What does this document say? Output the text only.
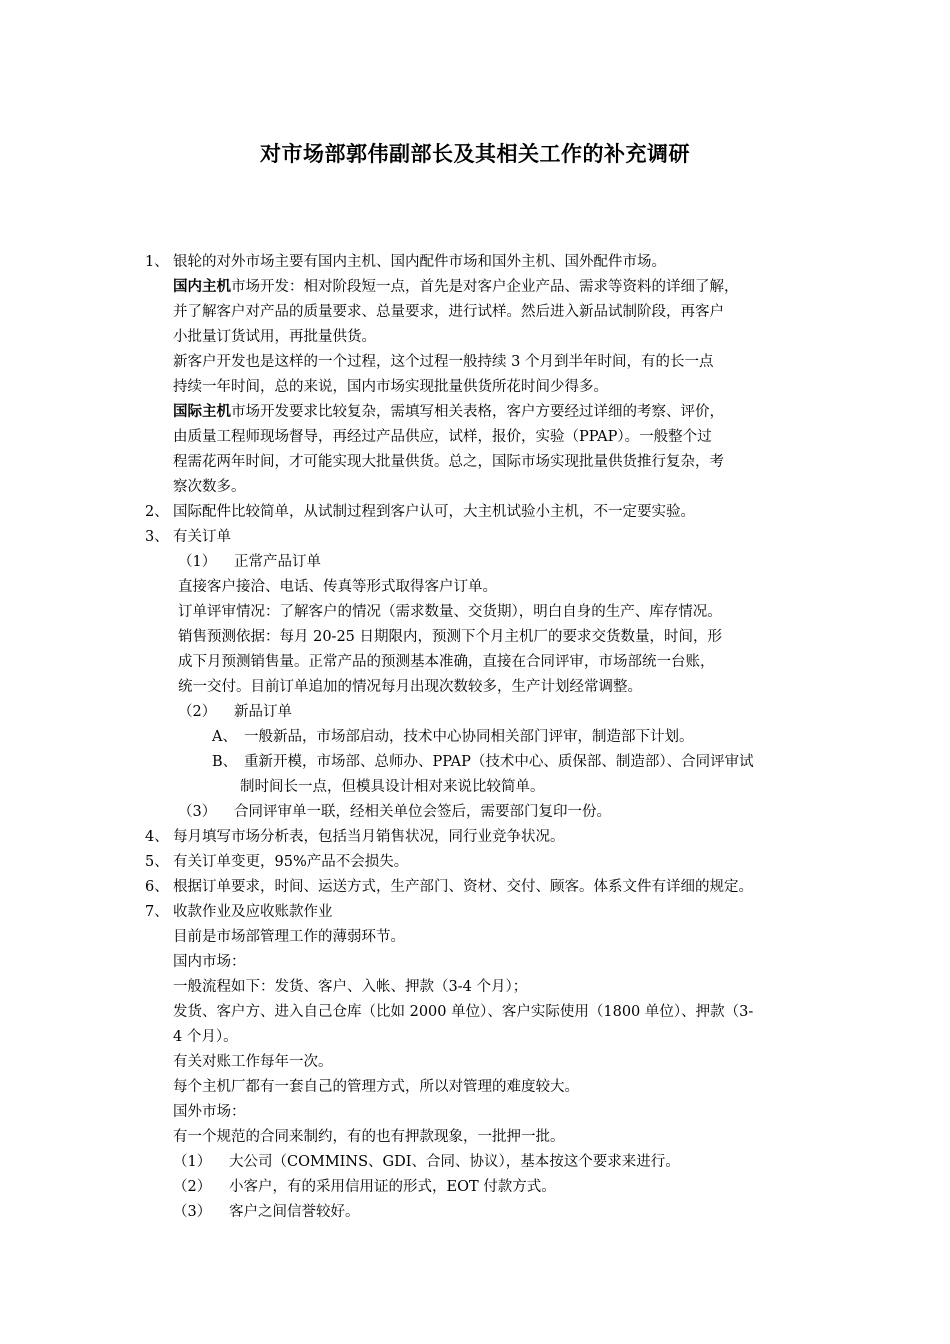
对市场部郭伟副部长及其相关工作的补充调研
1、 银轮的对外市场主要有国内主机、国内配件市场和国外主机、国外配件市场。
国内主机市场开发：相对阶段短一点，首先是对客户企业产品、需求等资料的详细了解，
并了解客户对产品的质量要求、总量要求，进行试样。然后进入新品试制阶段，再客户
小批量订货试用，再批量供货。
新客户开发也是这样的一个过程，这个过程一般持续 3 个月到半年时间，有的长一点
持续一年时间，总的来说，国内市场实现批量供货所花时间少得多。
国际主机市场开发要求比较复杂，需填写相关表格，客户方要经过详细的考察、评价，
由质量工程师现场督导，再经过产品供应，试样，报价，实验（PPAP）。一般整个过
程需花两年时间，才可能实现大批量供货。总之，国际市场实现批量供货推行复杂，考
察次数多。
2、 国际配件比较简单，从试制过程到客户认可，大主机试验小主机，不一定要实验。
3、 有关订单
（1） 正常产品订单
直接客户接洽、电话、传真等形式取得客户订单。
订单评审情况：了解客户的情况（需求数量、交货期），明白自身的生产、库存情况。
销售预测依据：每月 20-25 日期限内，预测下个月主机厂的要求交货数量，时间，形
成下月预测销售量。正常产品的预测基本准确，直接在合同评审，市场部统一台账，
统一交付。目前订单追加的情况每月出现次数较多，生产计划经常调整。
（2） 新品订单
A、 一般新品，市场部启动，技术中心协同相关部门评审，制造部下计划。
B、 重新开模，市场部、总师办、PPAP（技术中心、质保部、制造部）、合同评审试
制时间长一点，但模具设计相对来说比较简单。
（3） 合同评审单一联，经相关单位会签后，需要部门复印一份。
4、 每月填写市场分析表，包括当月销售状况，同行业竞争状况。
5、 有关订单变更，95%产品不会损失。
6、 根据订单要求，时间、运送方式，生产部门、资材、交付、顾客。体系文件有详细的规定。
7、 收款作业及应收账款作业
目前是市场部管理工作的薄弱环节。
国内市场：
一般流程如下：发货、客户、入帐、押款（3-4 个月）；
发货、客户方、进入自己仓库（比如 2000 单位）、客户实际使用（1800 单位）、押款（3-
4 个月）。
有关对账工作每年一次。
每个主机厂都有一套自己的管理方式，所以对管理的难度较大。
国外市场：
有一个规范的合同来制约，有的也有押款现象，一批押一批。
（1） 大公司（COMMINS、GDI、合同、协议），基本按这个要求来进行。
（2） 小客户，有的采用信用证的形式，EOT 付款方式。
（3） 客户之间信誉较好。
